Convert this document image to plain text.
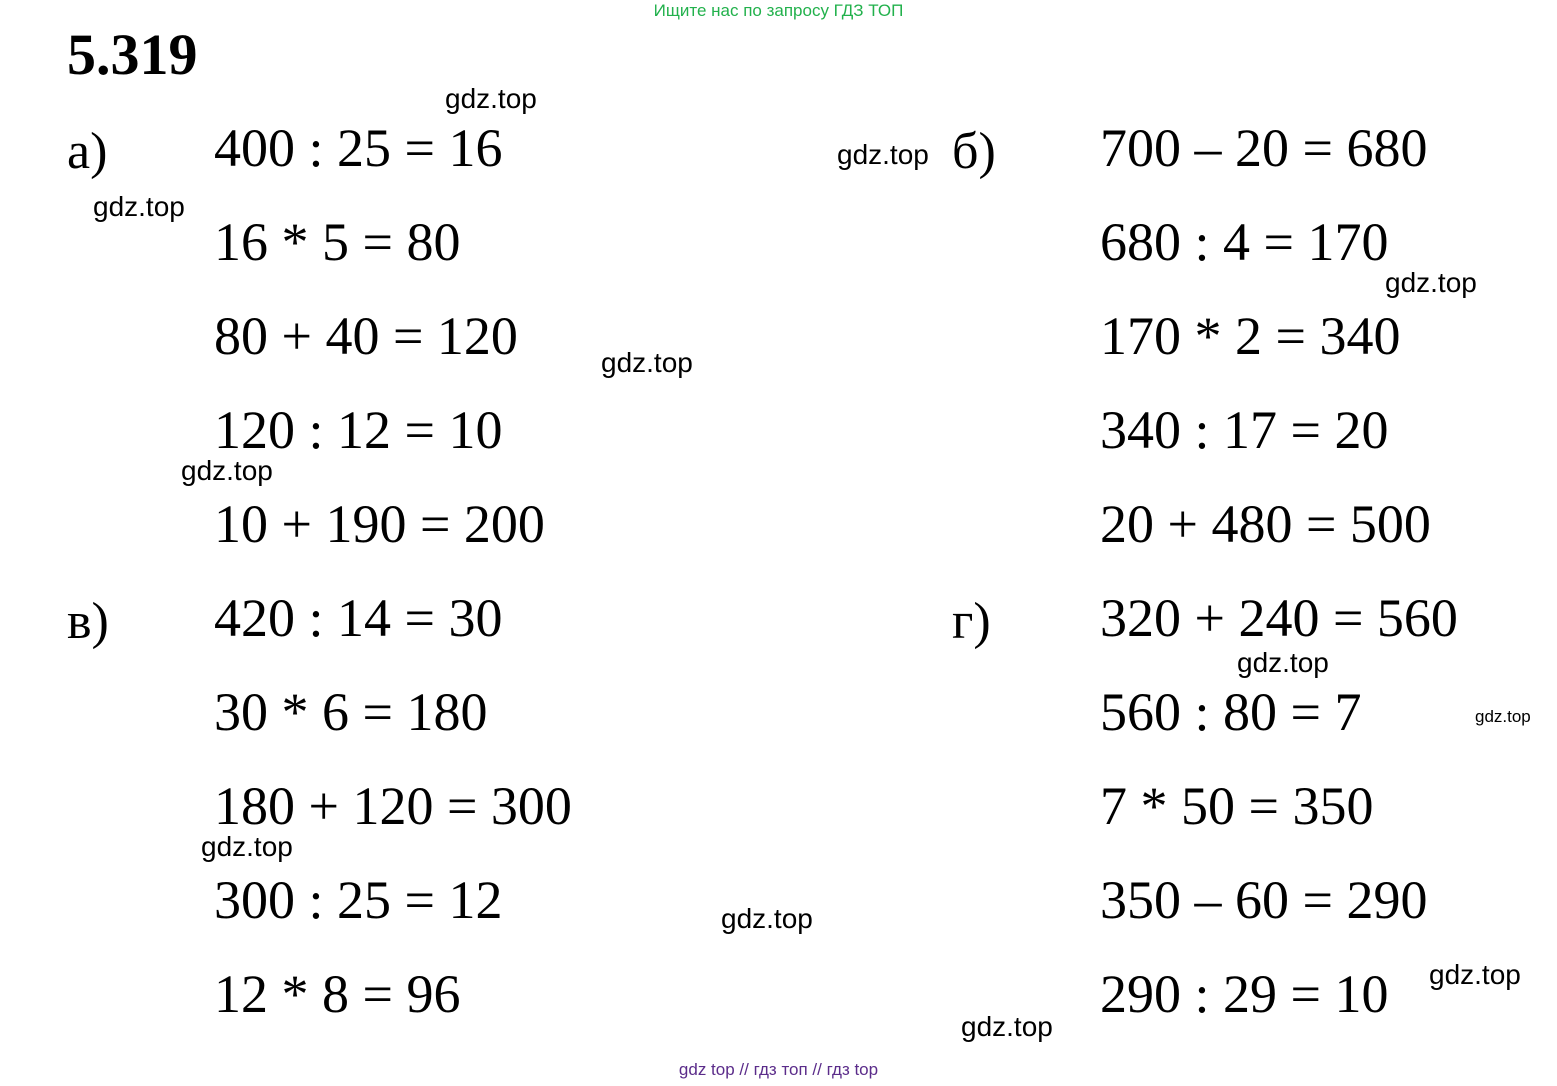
Ищите нас по запросу ГДЗ ТОП
5.319
а) 400 : 25 = 16
16 * 5 = 80
80 + 40 = 120
120 : 12 = 10
10 + 190 = 200
б) 700 – 20 = 680
680 : 4 = 170
170 * 2 = 340
340 : 17 = 20
20 + 480 = 500
в) 420 : 14 = 30
30 * 6 = 180
180 + 120 = 300
300 : 25 = 12
12 * 8 = 96
г) 320 + 240 = 560
560 : 80 = 7
7 * 50 = 350
350 – 60 = 290
290 : 29 = 10
gdz.top
gdz.top
gdz.top
gdz.top
gdz.top
gdz.top
gdz.top
gdz.top
gdz.top
gdz.top
gdz.top
gdz.top
gdz top // гдз топ // гдз top
